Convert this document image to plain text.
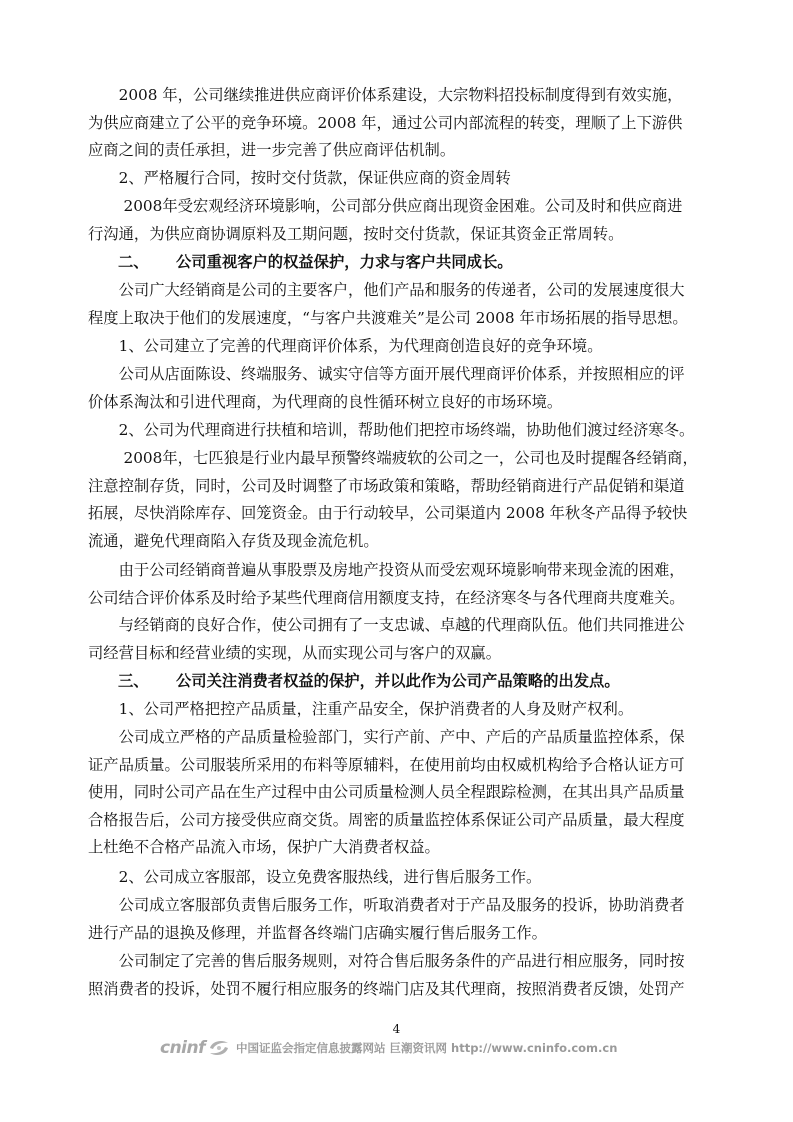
　　2008 年，公司继续推进供应商评价体系建设，大宗物料招投标制度得到有效实施，
为供应商建立了公平的竞争环境。2008 年，通过公司内部流程的转变，理顺了上下游供
应商之间的责任承担，进一步完善了供应商评估机制。
　　2、严格履行合同，按时交付货款，保证供应商的资金周转
　　 2008年受宏观经济环境影响，公司部分供应商出现资金困难。公司及时和供应商进
行沟通，为供应商协调原料及工期问题，按时交付货款，保证其资金正常周转。
二、 公司重视客户的权益保护，力求与客户共同成长。
　　公司广大经销商是公司的主要客户，他们产品和服务的传递者，公司的发展速度很大
程度上取决于他们的发展速度，“与客户共渡难关”是公司 2008 年市场拓展的指导思想。
　　1、公司建立了完善的代理商评价体系，为代理商创造良好的竞争环境。
　　公司从店面陈设、终端服务、诚实守信等方面开展代理商评价体系，并按照相应的评
价体系淘汰和引进代理商，为代理商的良性循环树立良好的市场环境。
　　2、公司为代理商进行扶植和培训，帮助他们把控市场终端，协助他们渡过经济寒冬。
　　 2008年，七匹狼是行业内最早预警终端疲软的公司之一，公司也及时提醒各经销商，
注意控制存货，同时，公司及时调整了市场政策和策略，帮助经销商进行产品促销和渠道
拓展，尽快消除库存、回笼资金。由于行动较早，公司渠道内 2008 年秋冬产品得予较快
流通，避免代理商陷入存货及现金流危机。
　　由于公司经销商普遍从事股票及房地产投资从而受宏观环境影响带来现金流的困难，
公司结合评价体系及时给予某些代理商信用额度支持，在经济寒冬与各代理商共度难关。
　　与经销商的良好合作，使公司拥有了一支忠诚、卓越的代理商队伍。他们共同推进公
司经营目标和经营业绩的实现，从而实现公司与客户的双赢。
三、 公司关注消费者权益的保护，并以此作为公司产品策略的出发点。
　　1、公司严格把控产品质量，注重产品安全，保护消费者的人身及财产权利。
　　公司成立严格的产品质量检验部门，实行产前、产中、产后的产品质量监控体系，保
证产品质量。公司服装所采用的布料等原辅料，在使用前均由权威机构给予合格认证方可
使用，同时公司产品在生产过程中由公司质量检测人员全程跟踪检测，在其出具产品质量
合格报告后，公司方接受供应商交货。周密的质量监控体系保证公司产品质量，最大程度
上杜绝不合格产品流入市场，保护广大消费者权益。
　　2、公司成立客服部，设立免费客服热线，进行售后服务工作。
　　公司成立客服部负责售后服务工作，听取消费者对于产品及服务的投诉，协助消费者
进行产品的退换及修理，并监督各终端门店确实履行售后服务工作。
　　公司制定了完善的售后服务规则，对符合售后服务条件的产品进行相应服务，同时按
照消费者的投诉，处罚不履行相应服务的终端门店及其代理商，按照消费者反馈，处罚产
4
cninf	中国证监会指定信息披露网站 巨潮资讯网 http://www.cninfo.com.cn
